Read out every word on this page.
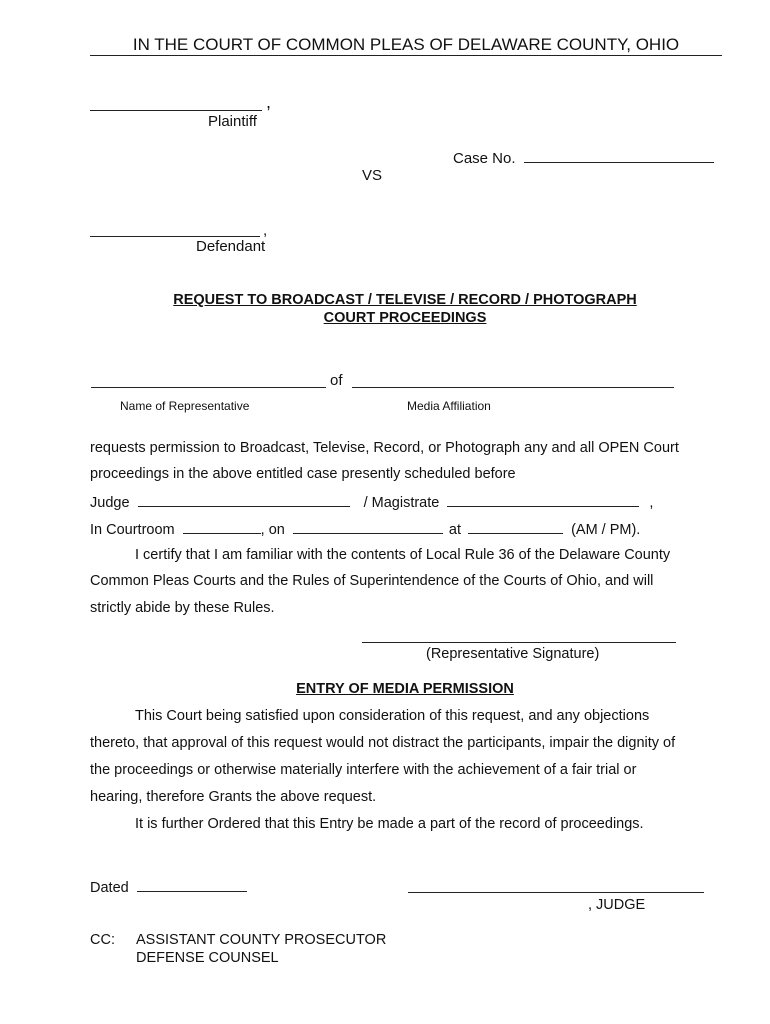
IN THE COURT OF COMMON PLEAS OF DELAWARE COUNTY, OHIO
,
Plaintiff
Case No.
VS
,
Defendant
REQUEST TO BROADCAST / TELEVISE / RECORD / PHOTOGRAPH
COURT PROCEEDINGS
of
Name of Representative	Media Affiliation
requests permission to Broadcast, Televise, Record, or Photograph any and all OPEN Court
proceedings in the above entitled case presently scheduled before
Judge	/ Magistrate	,
In Courtroom	, on	at	(AM / PM).
I certify that I am familiar with the contents of Local Rule 36 of the Delaware County
Common Pleas Courts and the Rules of Superintendence of the Courts of Ohio, and will
strictly abide by these Rules.
(Representative Signature)
ENTRY OF MEDIA PERMISSION
This Court being satisfied upon consideration of this request, and any objections
thereto, that approval of this request would not distract the participants, impair the dignity of
the proceedings or otherwise materially interfere with the achievement of a fair trial or
hearing, therefore Grants the above request.
It is further Ordered that this Entry be made a part of the record of proceedings.
Dated
, JUDGE
CC: ASSISTANT COUNTY PROSECUTOR
DEFENSE COUNSEL
